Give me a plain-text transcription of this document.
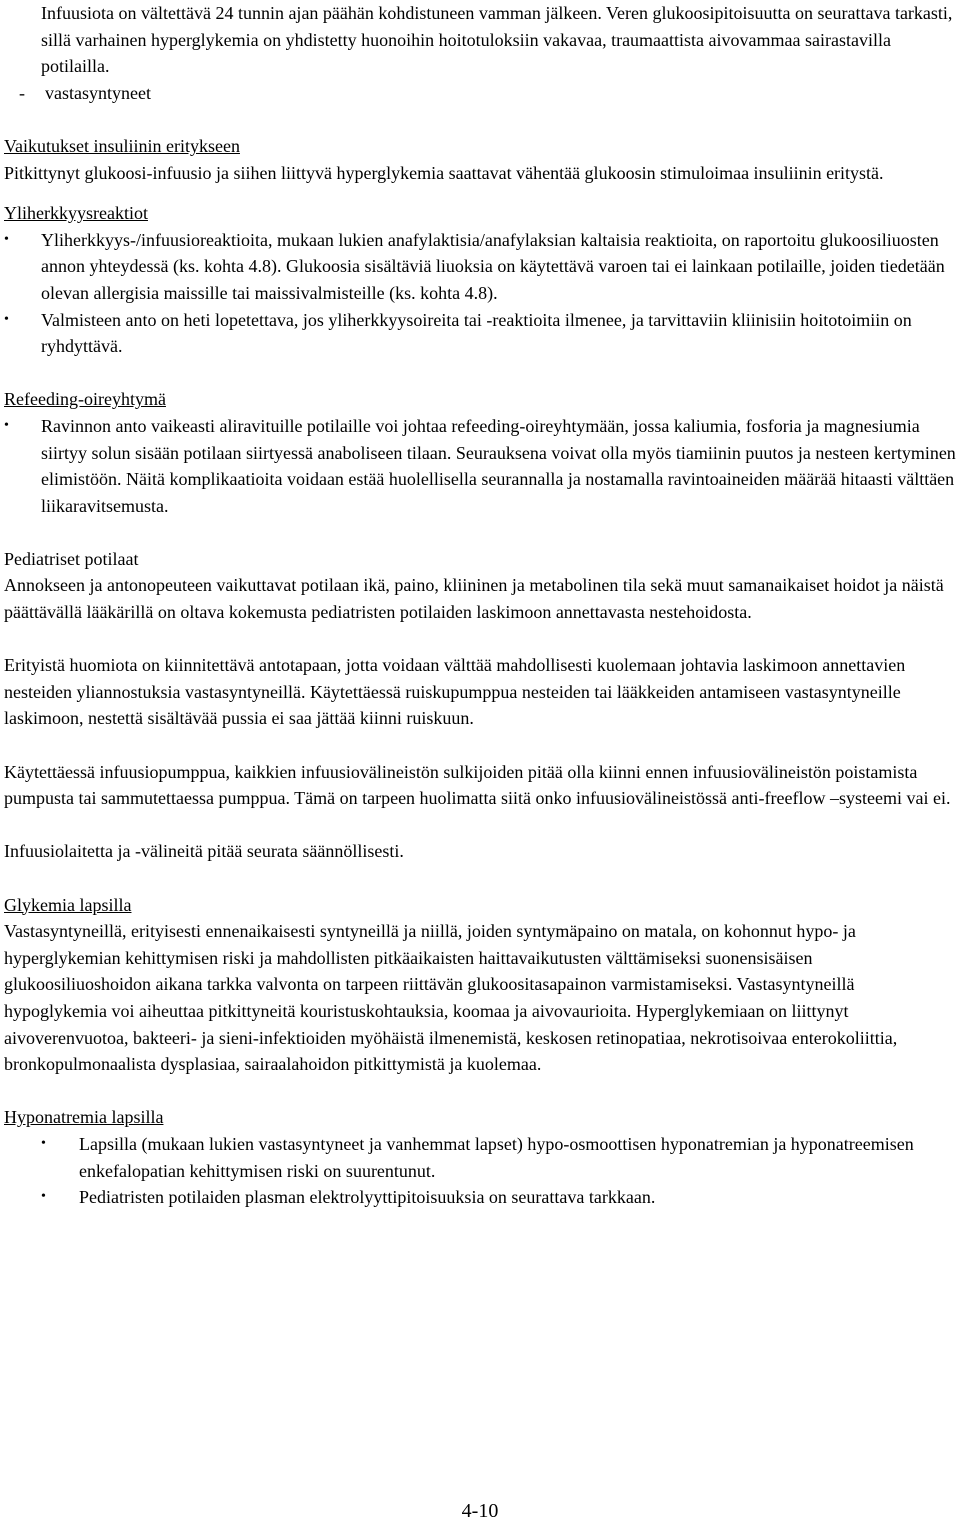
Infuusiota on vältettävä 24 tunnin ajan päähän kohdistuneen vamman jälkeen. Veren glukoosipitoisuutta on seurattava tarkasti, sillä varhainen hyperglykemia on yhdistetty huonoihin hoitotuloksiin vakavaa, traumaattista aivovammaa sairastavilla potilailla.

- vastasyntyneet

Vaikutukset insuliinin eritykseen

Pitkittynyt glukoosi-infuusio ja siihen liittyvä hyperglykemia saattavat vähentää glukoosin stimuloimaa insuliinin eritystä.

Yliherkkyysreaktiot

• Yliherkkyys-/infuusioreaktioita, mukaan lukien anafylaktisia/anafylaksian kaltaisia reaktioita, on raportoitu glukoosiliuosten annon yhteydessä (ks. kohta 4.8). Glukoosia sisältäviä liuoksia on käytettävä varoen tai ei lainkaan potilaille, joiden tiedetään olevan allergisia maissille tai maissivalmisteille (ks. kohta 4.8).
• Valmisteen anto on heti lopetettava, jos yliherkkyysoireita tai -reaktioita ilmenee, ja tarvittaviin kliinisiin hoitotoimiin on ryhdyttävä.

Refeeding-oireyhtymä

• Ravinnon anto vaikeasti aliravituille potilaille voi johtaa refeeding-oireyhtymään, jossa kaliumia, fosforia ja magnesiumia siirtyy solun sisään potilaan siirtyessä anaboliseen tilaan. Seurauksena voivat olla myös tiamiinin puutos ja nesteen kertyminen elimistöön. Näitä komplikaatioita voidaan estää huolellisella seurannalla ja nostamalla ravintoaineiden määrää hitaasti välttäen liikaravitsemusta.

Pediatriset potilaat

Annokseen ja antonopeuteen vaikuttavat potilaan ikä, paino, kliininen ja metabolinen tila sekä muut samanaikaiset hoidot ja näistä päättävällä lääkärillä on oltava kokemusta pediatristen potilaiden laskimoon annettavasta nestehoidosta.

Erityistä huomiota on kiinnitettävä antotapaan, jotta voidaan välttää mahdollisesti kuolemaan johtavia laskimoon annettavien nesteiden yliannostuksia vastasyntyneillä. Käytettäessä ruiskupumppua nesteiden tai lääkkeiden antamiseen vastasyntyneille laskimoon, nestettä sisältävää pussia ei saa jättää kiinni ruiskuun.

Käytettäessä infuusiopumppua, kaikkien infuusiovälineistön sulkijoiden pitää olla kiinni ennen infuusiovälineistön poistamista pumpusta tai sammutettaessa pumppua. Tämä on tarpeen huolimatta siitä onko infuusiovälineistössä anti-freeflow –systeemi vai ei.

Infuusiolaitetta ja -välineitä pitää seurata säännöllisesti.

Glykemia lapsilla

Vastasyntyneillä, erityisesti ennenaikaisesti syntyneillä ja niillä, joiden syntymäpaino on matala, on kohonnut hypo- ja hyperglykemian kehittymisen riski ja mahdollisten pitkäaikaisten haittavaikutusten välttämiseksi suonensisäisen glukoosiliuoshoidon aikana tarkka valvonta on tarpeen riittävän glukoositasapainon varmistamiseksi. Vastasyntyneillä hypoglykemia voi aiheuttaa pitkittyneitä kouristuskohtauksia, koomaa ja aivovaurioita. Hyperglykemiaan on liittynyt aivoverenvuotoa, bakteeri- ja sieni-infektioiden myöhäistä ilmenemistä, keskosen retinopatiaa, nekrotisoivaa enterokoliittia, bronkopulmonaalista dysplasiaa, sairaalahoidon pitkittymistä ja kuolemaa.

Hyponatremia lapsilla

• Lapsilla (mukaan lukien vastasyntyneet ja vanhemmat lapset) hypo-osmoottisen hyponatremian ja hyponatreemisen enkefalopatian kehittymisen riski on suurentunut.
• Pediatristen potilaiden plasman elektrolyyttipitoisuuksia on seurattava tarkkaan.
4-10
